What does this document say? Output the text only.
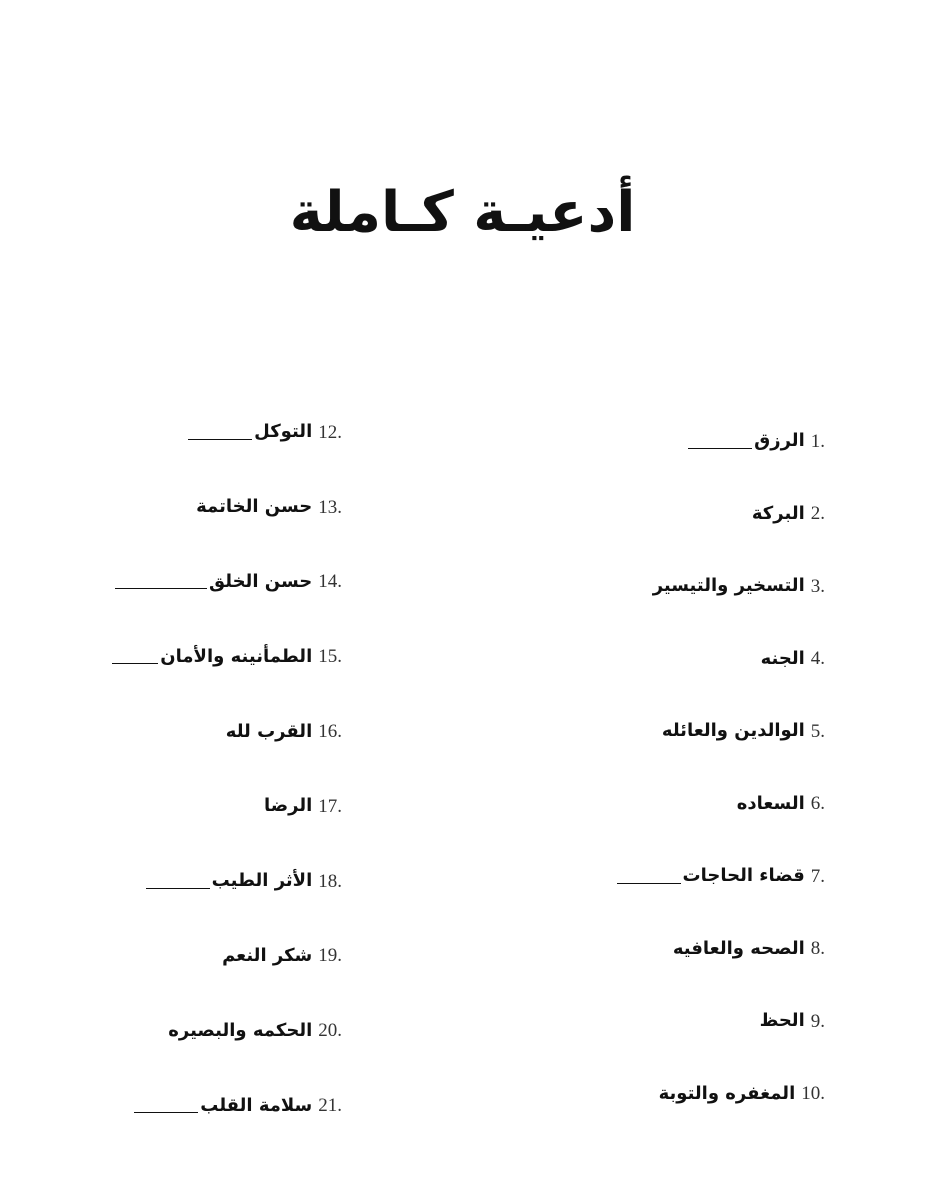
أدعيـة كـاملة
1.
الرزق
2.
البركة
3.
التسخير والتيسير
4.
الجنه
5.
الوالدين والعائله
6.
السعاده
7.
قضاء الحاجات
8.
الصحه والعافيه
9.
الحظ
10.
المغفره والتوبة
12.
التوكل
13.
حسن الخاتمة
14.
حسن الخلق
15.
الطمأنينه والأمان
16.
القرب لله
17.
الرضا
18.
الأثر الطيب
19.
شكر النعم
20.
الحكمه والبصيره
21.
سلامة القلب
